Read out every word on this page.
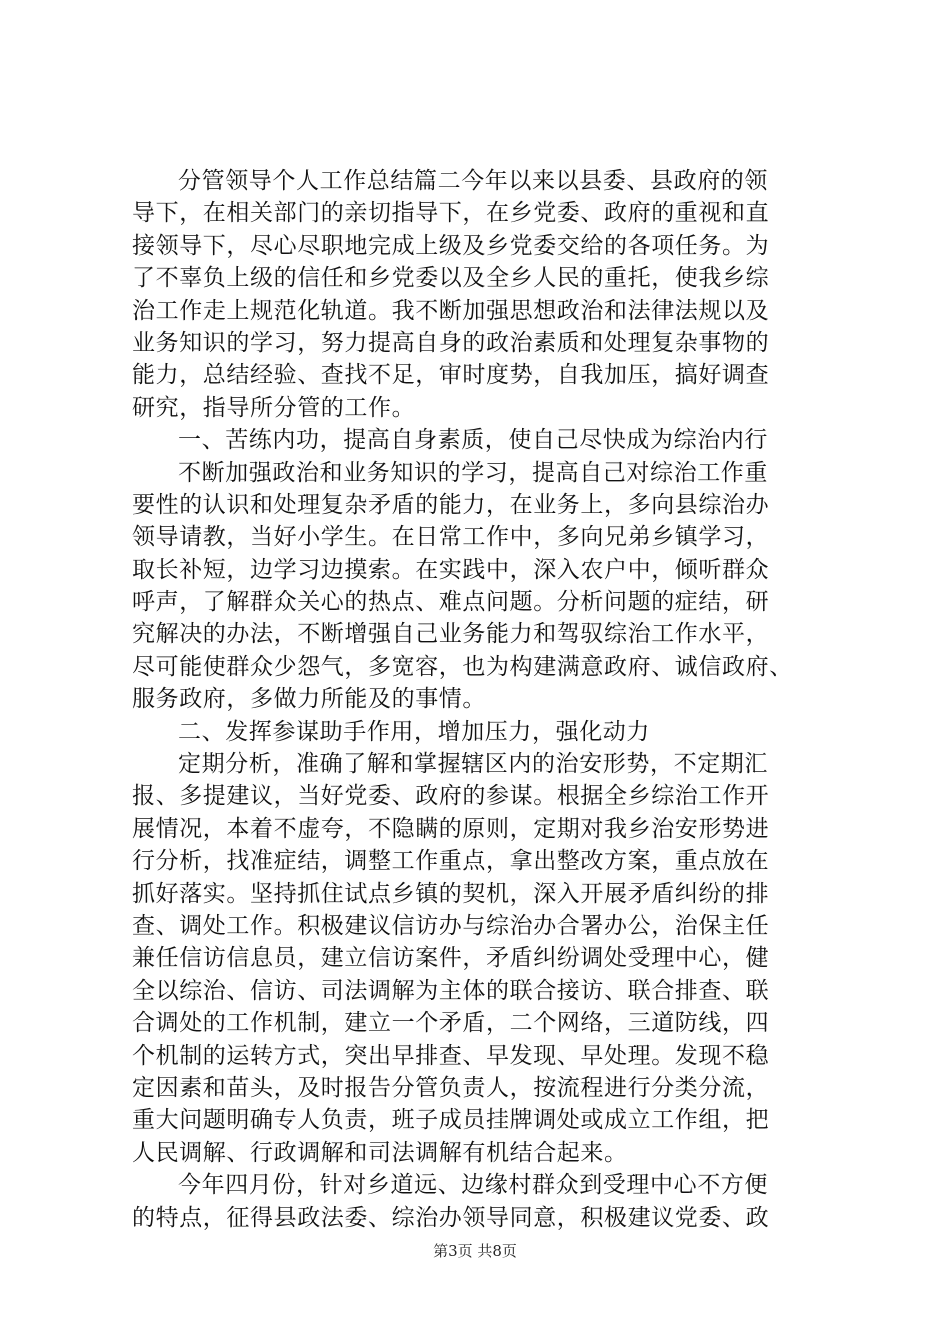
分管领导个人工作总结篇二今年以来以县委、县政府的领
导下，在相关部门的亲切指导下，在乡党委、政府的重视和直
接领导下，尽心尽职地完成上级及乡党委交给的各项任务。为
了不辜负上级的信任和乡党委以及全乡人民的重托，使我乡综
治工作走上规范化轨道。我不断加强思想政治和法律法规以及
业务知识的学习，努力提高自身的政治素质和处理复杂事物的
能力，总结经验、查找不足，审时度势，自我加压，搞好调查
研究，指导所分管的工作。
一、苦练内功，提高自身素质，使自己尽快成为综治内行
不断加强政治和业务知识的学习，提高自己对综治工作重
要性的认识和处理复杂矛盾的能力，在业务上，多向县综治办
领导请教，当好小学生。在日常工作中，多向兄弟乡镇学习，
取长补短，边学习边摸索。在实践中，深入农户中，倾听群众
呼声，了解群众关心的热点、难点问题。分析问题的症结，研
究解决的办法，不断增强自己业务能力和驾驭综治工作水平，
尽可能使群众少怨气，多宽容，也为构建满意政府、诚信政府、
服务政府，多做力所能及的事情。
二、发挥参谋助手作用，增加压力，强化动力
定期分析，准确了解和掌握辖区内的治安形势，不定期汇
报、多提建议，当好党委、政府的参谋。根据全乡综治工作开
展情况，本着不虚夸，不隐瞒的原则，定期对我乡治安形势进
行分析，找准症结，调整工作重点，拿出整改方案，重点放在
抓好落实。坚持抓住试点乡镇的契机，深入开展矛盾纠纷的排
查、调处工作。积极建议信访办与综治办合署办公，治保主任
兼任信访信息员，建立信访案件，矛盾纠纷调处受理中心，健
全以综治、信访、司法调解为主体的联合接访、联合排查、联
合调处的工作机制，建立一个矛盾，二个网络，三道防线，四
个机制的运转方式，突出早排查、早发现、早处理。发现不稳
定因素和苗头，及时报告分管负责人，按流程进行分类分流，
重大问题明确专人负责，班子成员挂牌调处或成立工作组，把
人民调解、行政调解和司法调解有机结合起来。
今年四月份，针对乡道远、边缘村群众到受理中心不方便
的特点，征得县政法委、综治办领导同意，积极建议党委、政
第3页 共8页
